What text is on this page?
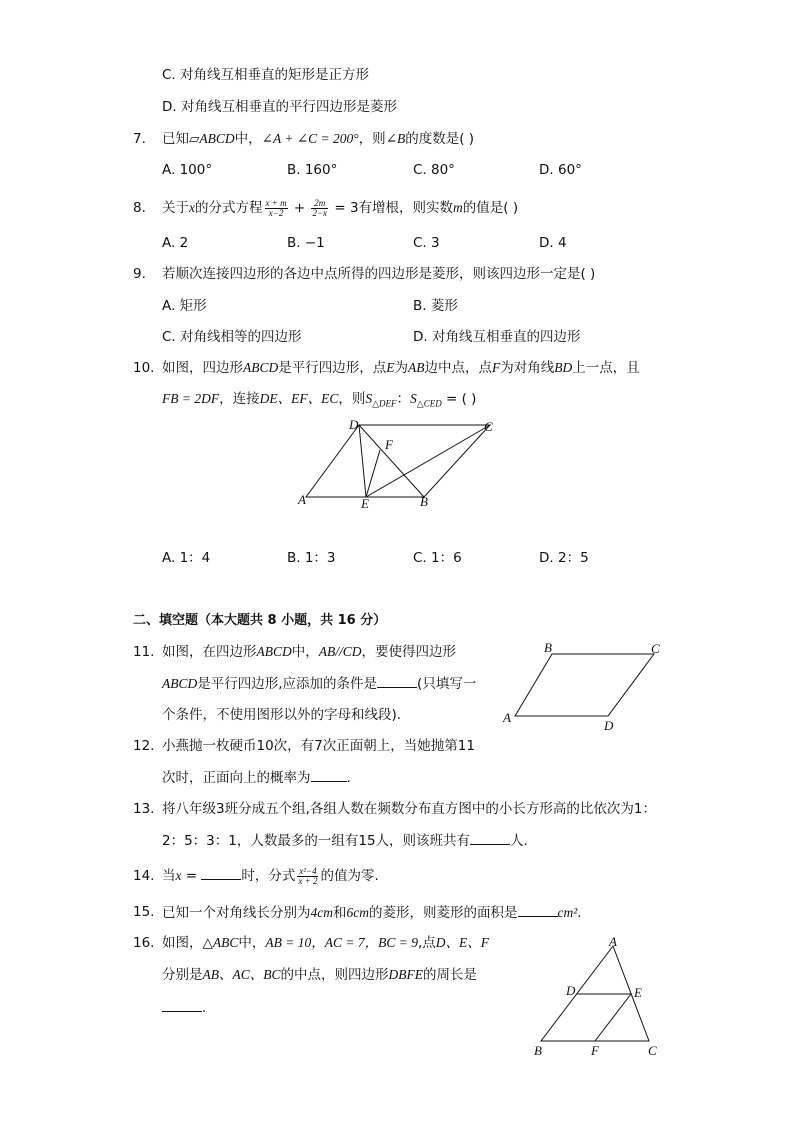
C. 对角线互相垂直的矩形是正方形
D. 对角线互相垂直的平行四边形是菱形
7. 已知▱ABCD中，∠A + ∠C = 200°，则∠B的度数是( )
A. 100°	B. 160°	C. 80°	D. 60°
8. 关于x的分式方程 $\frac{x + m}{x-2} + \frac{2m}{2-x} = 3$有增根，则实数m的值是( )
A. 2	B. −1	C. 3	D. 4
9. 若顺次连接四边形的各边中点所得的四边形是菱形，则该四边形一定是( )
A. 矩形	B. 菱形
C. 对角线相等的四边形	D. 对角线互相垂直的四边形
10. 如图，四边形ABCD是平行四边形，点E为AB边中点，点F为对角线BD上一点，且
FB = 2DF，连接DE、EF、EC，则$S_{\triangle DEF}$：$S_{\triangle CED}$ = ( )
A	B
C
D
E
F
A. 1：4	B. 1：3	C. 1：6	D. 2：5
二、填空题（本大题共 8 小题，共 16 分）
11. 如图，在四边形ABCD中，AB//CD，要使得四边形
ABCD是平行四边形,应添加的条件是	(只填写一
个条件，不使用图形以外的字母和线段).	A
B	C
D
12. 小燕抛一枚硬币10次，有7次正面朝上，当她抛第11
次时，正面向上的概率为	.
13. 将八年级3班分成五个组,各组人数在频数分布直方图中的小长方形高的比依次为1：
2：5：3：1，人数最多的一组有15人，则该班共有	人.
14. 当x =	时，分式 $\frac{\text{x²−4}}{x + 2}$ 的值为零.
15. 已知一个对角线长分别为4cm和6cm的菱形，则菱形的面积是	cm².
16. 如图，△ABC中，AB = 10，AC = 7，BC = 9,点D、E、F
分别是AB、AC、BC的中点，则四边形DBFE的周长是
.
A
B	C
D	E
F
